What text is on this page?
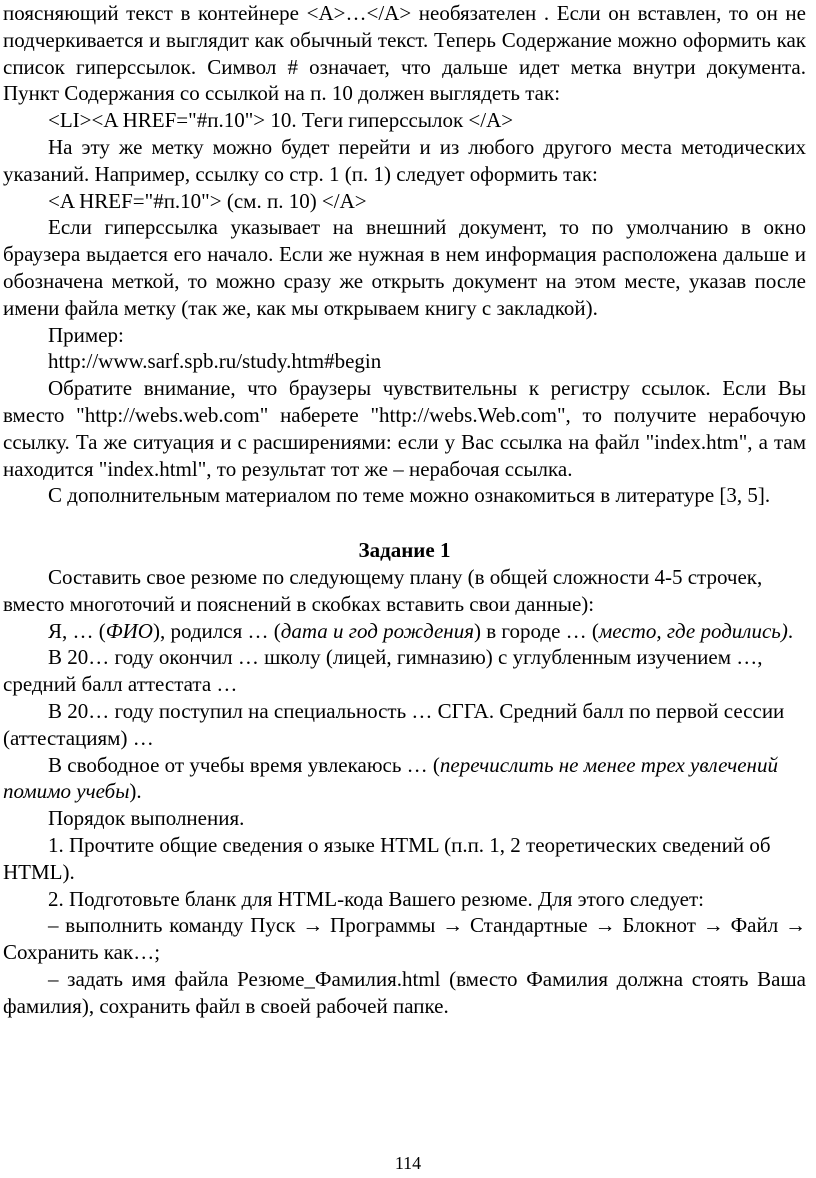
поясняющий текст в контейнере <A>…</A> необязателен . Если он вставлен, то он не подчеркивается и выглядит как обычный текст. Теперь Содержание можно оформить как список гиперссылок. Символ # означает, что дальше идет метка внутри документа. Пункт Содержания со ссылкой на п. 10 должен выглядеть так:

<LI><A HREF="#п.10"> 10. Теги гиперссылок </A>

На эту же метку можно будет перейти и из любого другого места методических указаний. Например, ссылку со стр. 1 (п. 1) следует оформить так:

<A HREF="#п.10"> (см. п. 10) </A>

Если гиперссылка указывает на внешний документ, то по умолчанию в окно браузера выдается его начало. Если же нужная в нем информация расположена дальше и обозначена меткой, то можно сразу же открыть документ на этом месте, указав после имени файла метку (так же, как мы открываем книгу с закладкой).

Пример:

http://www.sarf.spb.ru/study.htm#begin

Обратите внимание, что браузеры чувствительны к регистру ссылок. Если Вы вместо "http://webs.web.com" наберете "http://webs.Web.com", то получите нерабочую ссылку. Та же ситуация и с расширениями: если у Вас ссылка на файл "index.htm", а там находится "index.html", то результат тот же – нерабочая ссылка.

С дополнительным материалом по теме можно ознакомиться в литературе [3, 5].

Задание 1

Составить свое резюме по следующему плану (в общей сложности 4-5 строчек, вместо многоточий и пояснений в скобках вставить свои данные):

Я, … (ФИО), родился … (дата и год рождения) в городе … (место, где родились).

В 20… году окончил … школу (лицей, гимназию) с углубленным изучением …, средний балл аттестата …

В 20… году поступил на специальность … СГГА. Средний балл по первой сессии (аттестациям) …

В свободное от учебы время увлекаюсь … (перечислить не менее трех увлечений помимо учебы).

Порядок выполнения.

1. Прочтите общие сведения о языке HTML (п.п. 1, 2 теоретических сведений об HTML).

2. Подготовьте бланк для HTML-кода Вашего резюме. Для этого следует:

– выполнить команду Пуск → Программы → Стандартные → Блокнот → Файл → Сохранить как…;

– задать имя файла Резюме_Фамилия.html (вместо Фамилия должна стоять Ваша фамилия), сохранить файл в своей рабочей папке.

114
